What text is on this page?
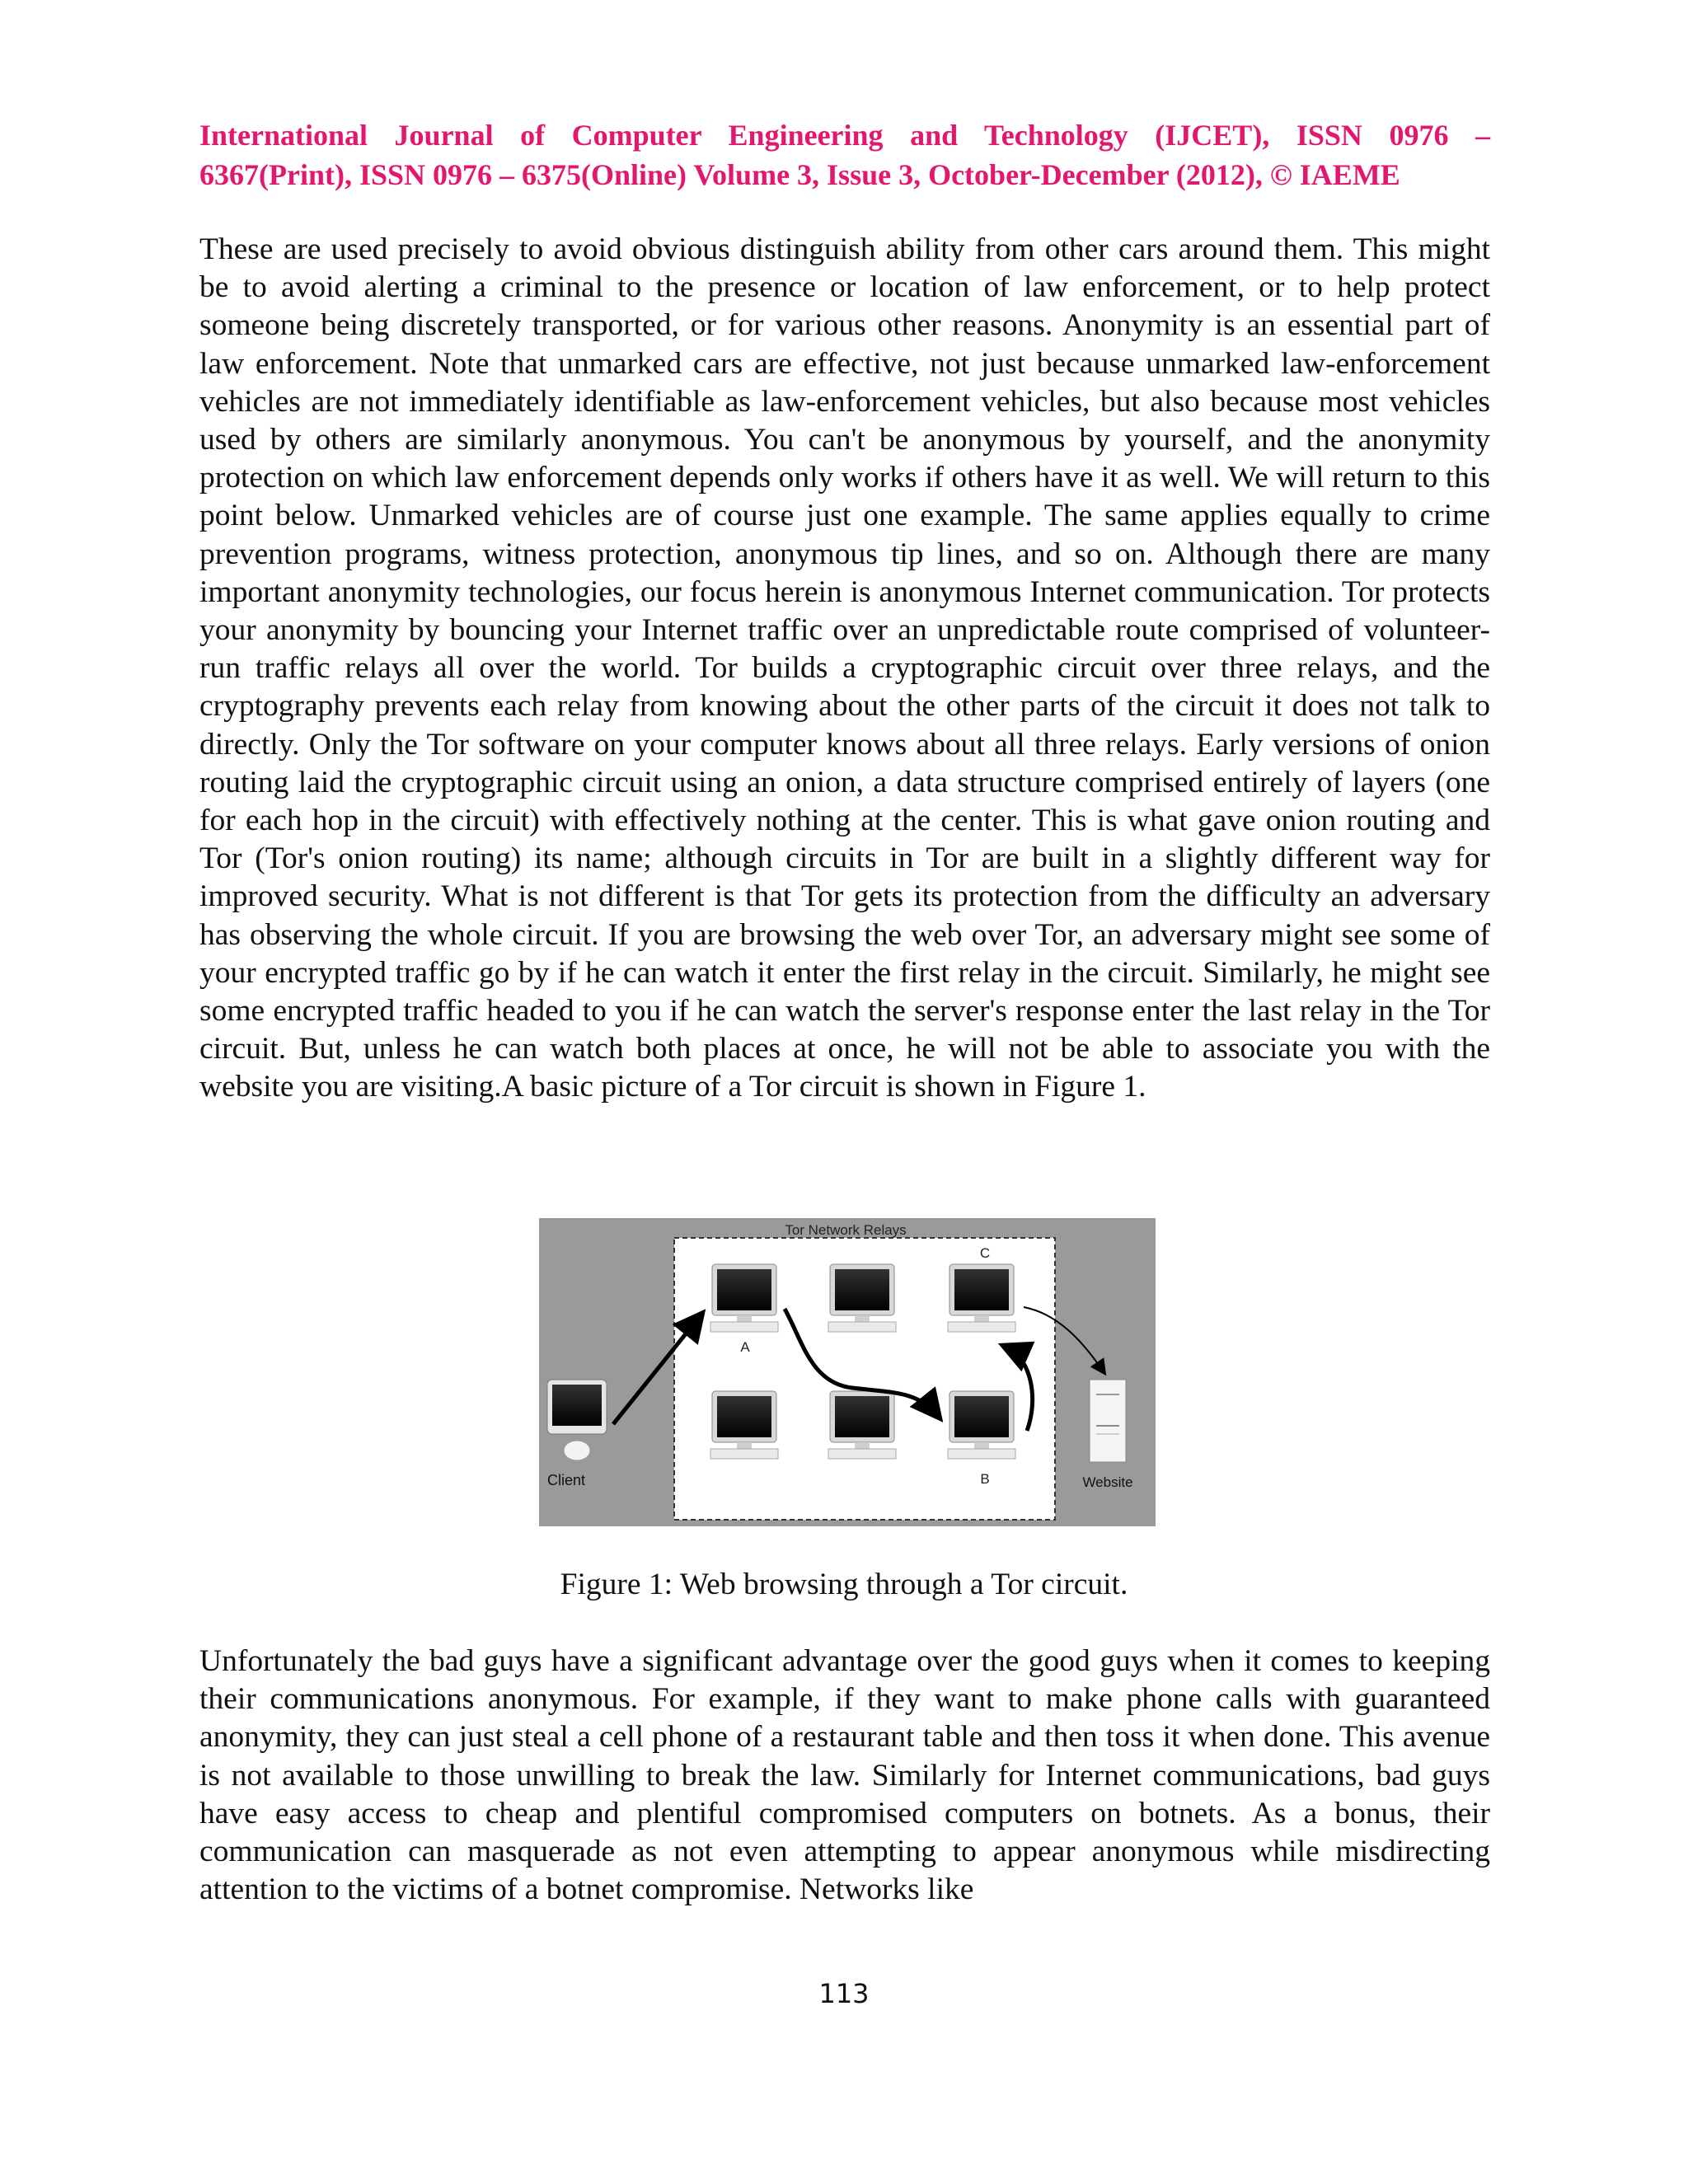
International Journal of Computer Engineering and Technology (IJCET), ISSN 0976 –
6367(Print), ISSN 0976 – 6375(Online) Volume 3, Issue 3, October-December (2012), © IAEME

These are used precisely to avoid obvious distinguish ability from other cars around them. This might be to avoid alerting a criminal to the presence or location of law enforcement, or to help protect someone being discretely transported, or for various other reasons. Anonymity is an essential part of law enforcement. Note that unmarked cars are effective, not just because unmarked law-enforcement vehicles are not immediately identifiable as law-enforcement vehicles, but also because most vehicles used by others are similarly anonymous. You can't be anonymous by yourself, and the anonymity protection on which law enforcement depends only works if others have it as well. We will return to this point below. Unmarked vehicles are of course just one example. The same applies equally to crime prevention programs, witness protection, anonymous tip lines, and so on. Although there are many important anonymity technologies, our focus herein is anonymous Internet communication. Tor protects your anonymity by bouncing your Internet traffic over an unpredictable route comprised of volunteer-run traffic relays all over the world. Tor builds a cryptographic circuit over three relays, and the cryptography prevents each relay from knowing about the other parts of the circuit it does not talk to directly. Only the Tor software on your computer knows about all three relays. Early versions of onion routing laid the cryptographic circuit using an onion, a data structure comprised entirely of layers (one for each hop in the circuit) with effectively nothing at the center. This is what gave onion routing and Tor (Tor's onion routing) its name; although circuits in Tor are built in a slightly different way for improved security. What is not different is that Tor gets its protection from the difficulty an adversary has observing the whole circuit. If you are browsing the web over Tor, an adversary might see some of your encrypted traffic go by if he can watch it enter the first relay in the circuit. Similarly, he might see some encrypted traffic headed to you if he can watch the server's response enter the last relay in the Tor circuit. But, unless he can watch both places at once, he will not be able to associate you with the website you are visiting.A basic picture of a Tor circuit is shown in Figure 1.

Tor Network Relays
A
C
B
Client	Website
Figure 1: Web browsing through a Tor circuit.

Unfortunately the bad guys have a significant advantage over the good guys when it comes to keeping their communications anonymous. For example, if they want to make phone calls with guaranteed anonymity, they can just steal a cell phone of a restaurant table and then toss it when done. This avenue is not available to those unwilling to break the law. Similarly for Internet communications, bad guys have easy access to cheap and plentiful compromised computers on botnets. As a bonus, their communication can masquerade as not even attempting to appear anonymous while misdirecting attention to the victims of a botnet compromise. Networks like

113
